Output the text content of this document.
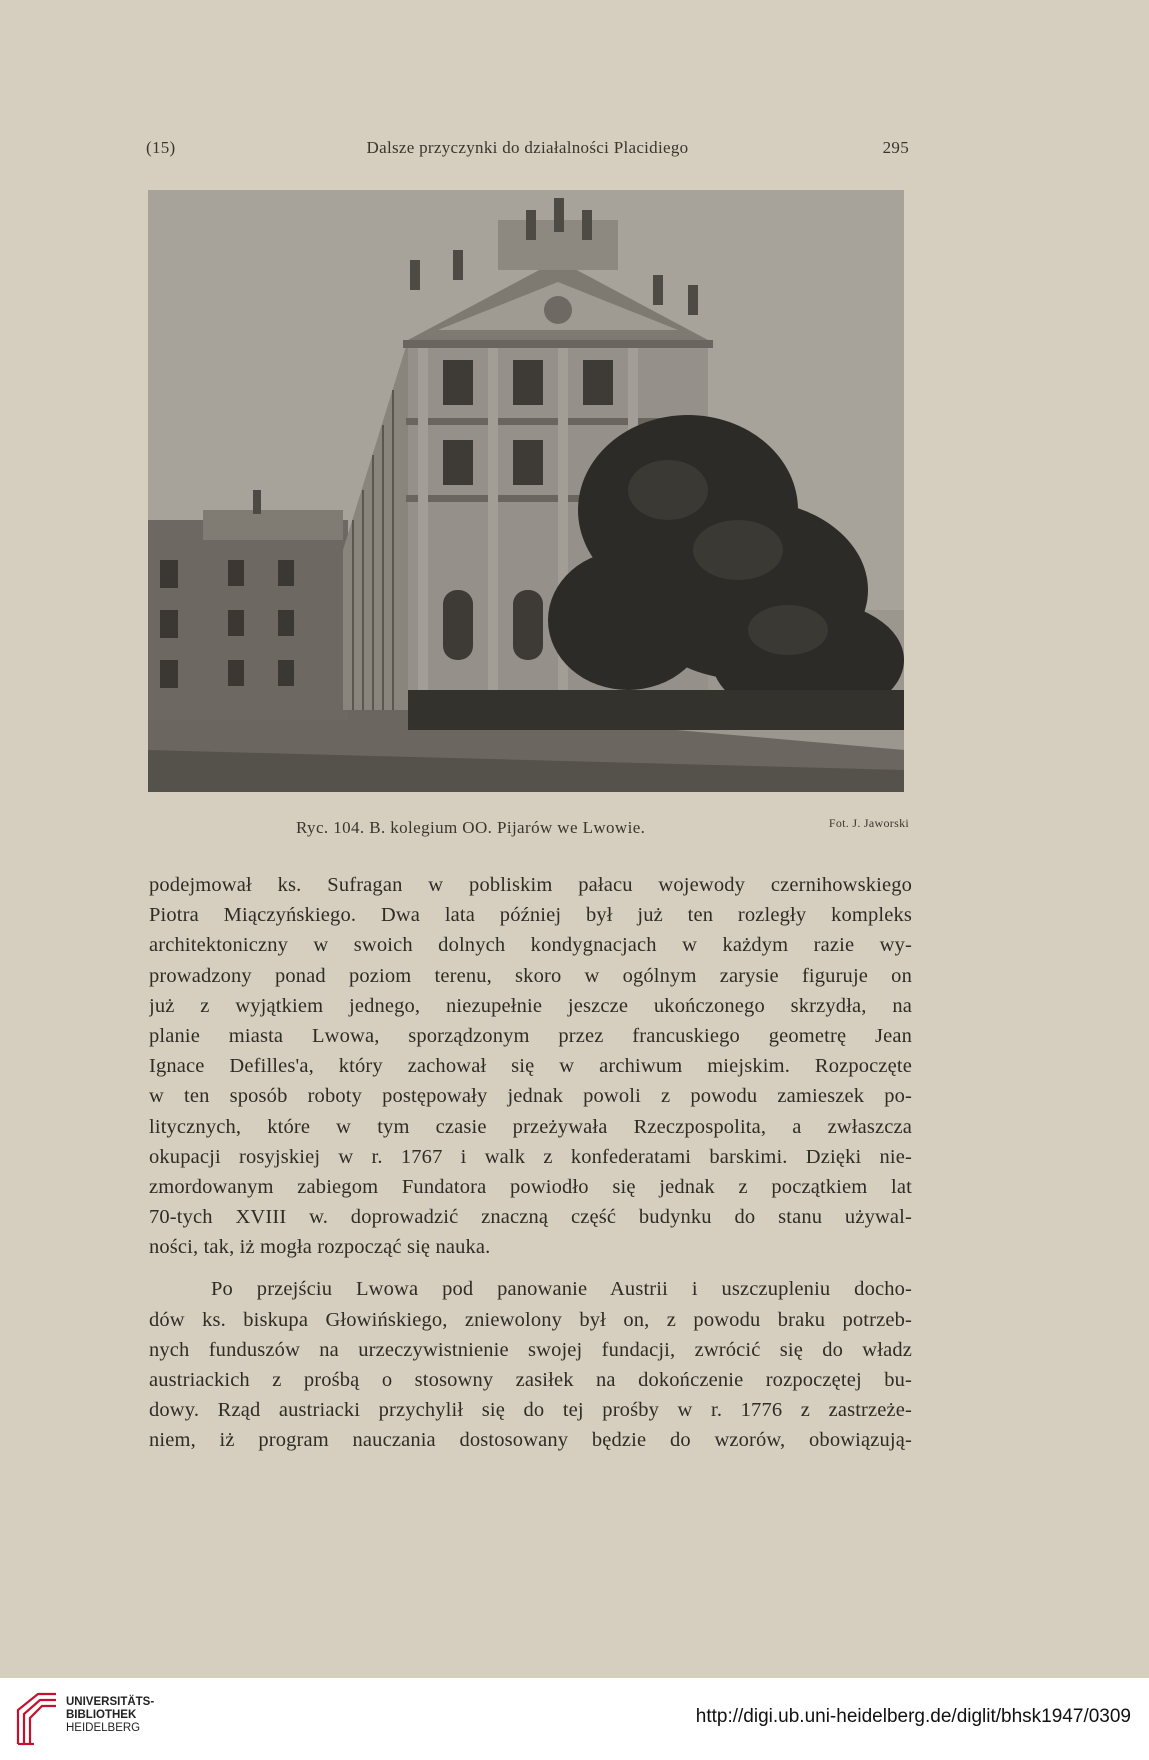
(15)	Dalsze przyczynki do działalności Placidiego	295
Ryc. 104. B. kolegium OO. Pijarów we Lwowie.	Fot. J. Jaworski
podejmował ks. Sufragan w pobliskim pałacu wojewody czernihowskiego
Piotra Miączyńskiego. Dwa lata później był już ten rozległy kompleks
architektoniczny w swoich dolnych kondygnacjach w każdym razie wy-
prowadzony ponad poziom terenu, skoro w ogólnym zarysie figuruje on
już z wyjątkiem jednego, niezupełnie jeszcze ukończonego skrzydła, na
planie miasta Lwowa, sporządzonym przez francuskiego geometrę Jean
Ignace Defilles'a, który zachował się w archiwum miejskim. Rozpoczęte
w ten sposób roboty postępowały jednak powoli z powodu zamieszek po-
litycznych, które w tym czasie przeżywała Rzeczpospolita, a zwłaszcza
okupacji rosyjskiej w r. 1767 i walk z konfederatami barskimi. Dzięki nie-
zmordowanym zabiegom Fundatora powiodło się jednak z początkiem lat
70-tych XVIII w. doprowadzić znaczną część budynku do stanu używal-
ności, tak, iż mogła rozpocząć się nauka.
Po przejściu Lwowa pod panowanie Austrii i uszczupleniu docho-
dów ks. biskupa Głowińskiego, zniewolony był on, z powodu braku potrzeb-
nych funduszów na urzeczywistnienie swojej fundacji, zwrócić się do władz
austriackich z prośbą o stosowny zasiłek na dokończenie rozpoczętej bu-
dowy. Rząd austriacki przychylił się do tej prośby w r. 1776 z zastrzeże-
niem, iż program nauczania dostosowany będzie do wzorów, obowiązują-
UNIVERSITÄTS-
BIBLIOTHEK
HEIDELBERG
http://digi.ub.uni-heidelberg.de/diglit/bhsk1947/0309
